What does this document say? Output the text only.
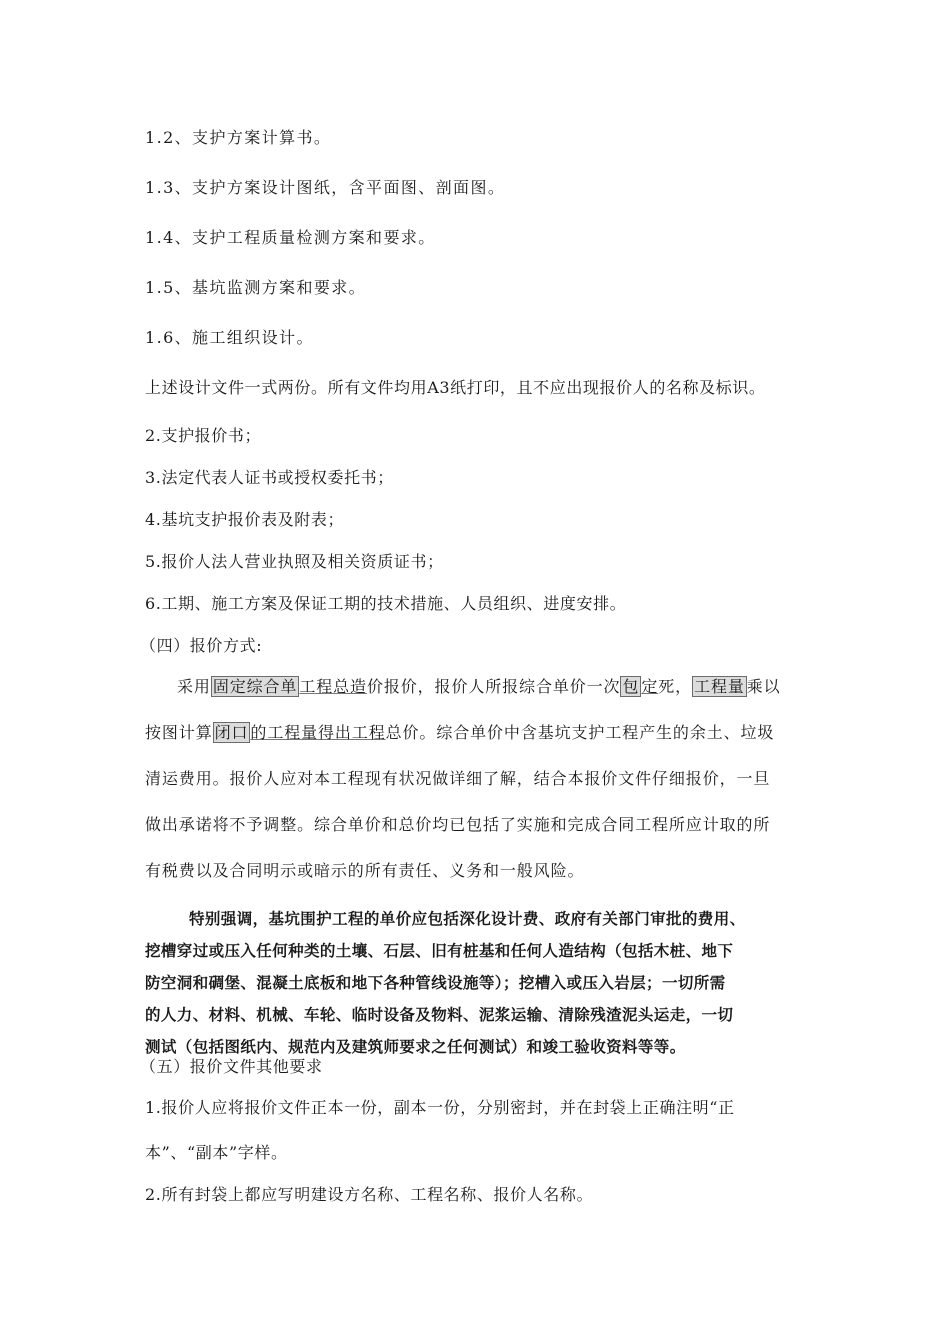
1.2、支护方案计算书。
1.3、支护方案设计图纸，含平面图、剖面图。
1.4、支护工程质量检测方案和要求。
1.5、基坑监测方案和要求。
1.6、施工组织设计。
上述设计文件一式两份。所有文件均用A3纸打印，且不应出现报价人的名称及标识。
2.支护报价书；
3.法定代表人证书或授权委托书；
4.基坑支护报价表及附表；
5.报价人法人营业执照及相关资质证书；
6.工期、施工方案及保证工期的技术措施、人员组织、进度安排。
（四）报价方式:
采用 固定综合单 工程总造价报价，报价人所报综合单价一次 包 定死， 工程量 乘以
按图计算 闭口 的工程量得出工程总价。综合单价中含基坑支护工程产生的余土、垃圾
清运费用。报价人应对本工程现有状况做详细了解，结合本报价文件仔细报价，一旦
做出承诺将不予调整。综合单价和总价均已包括了实施和完成合同工程所应计取的所
有税费以及合同明示或暗示的所有责任、义务和一般风险。
特别强调，基坑围护工程的单价应包括深化设计费、政府有关部门审批的费用、
挖槽穿过或压入任何种类的土壤、石层、旧有桩基和任何人造结构（包括木桩、地下
防空洞和碉堡、混凝土底板和地下各种管线设施等）；挖槽入或压入岩层；一切所需
的人力、材料、机械、车轮、临时设备及物料、泥浆运输、清除残渣泥头运走，一切
测试（包括图纸内、规范内及建筑师要求之任何测试）和竣工验收资料等等。
（五）报价文件其他要求
1.报价人应将报价文件正本一份，副本一份，分别密封，并在封袋上正确注明“正
本”、“副本”字样。
2.所有封袋上都应写明建设方名称、工程名称、报价人名称。
